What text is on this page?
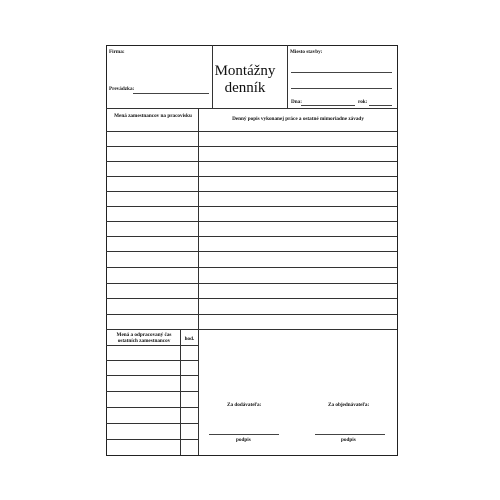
Firma:
Prevádzka:
Montážny
denník
Miesto stavby:
Dna:	rok:
Mená zamestnancov na pracovisku	Denný popis vykonanej práce a ostatné mimoriadne závady
Mená a odpracovaný čas ostatních zamestnancov	hod.
Za dodávateľa:	Za objednávateľa:
podpis	podpis
